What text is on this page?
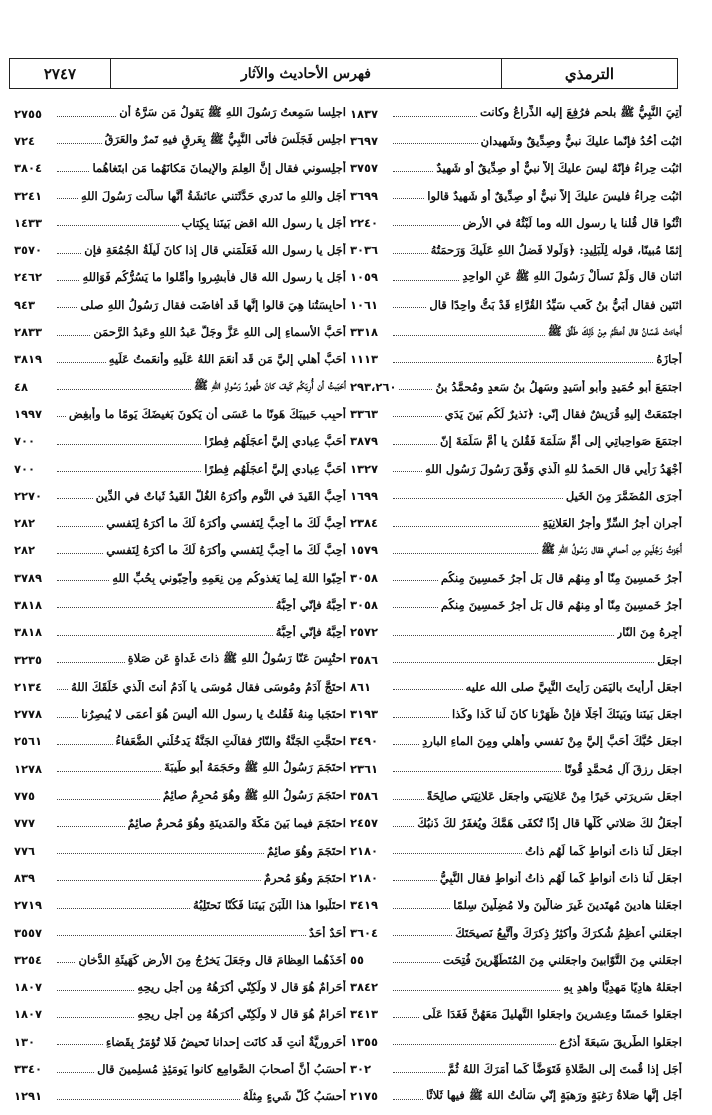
الترمذي
فهرس الأحاديث والآثار
٢٧٤٧
أُتِيَ النَّبِيُّ ﷺ بلحم فرُفِعَ إليه الذِّراعُ وكانت
١٨٣٧
اثبُت أُحُدُ فإنّما عليكَ نبيٌّ وصِدِّيقٌ وشَهيدانِ
٣٦٩٧
اثبُت حِراءُ فإنّهُ ليسَ عليكَ إلاّ نبيٌّ أو صِدِّيقٌ أو شَهيدٌ
٣٧٥٧
اثبُت حِراءُ فليسَ عليكَ إلاّ نبيٌّ أو صِدِّيقٌ أو شَهيدٌ قالوا
٣٦٩٩
اثْنُوا قال قُلنا يا رسول الله وما لَبْثُهُ في الأرضِ
٢٢٤٠
إثمًا مُبينًا، قوله لِلْبَلِيدِ: ﴿وَلَولا فَضلُ اللهِ عَلَيكَ وَرَحمَتُهُ
٣٠٣٦
اثنان قال وَلَمْ نَسأَلْ رَسُولَ اللهِ ﷺ عَنِ الواحِدِ
١٠٥٩
اثنَينِ فقال أُبَيُّ بنُ كَعبٍ سَيِّدُ القُرَّاءِ قَدْ بَتُّ واحِدًا قال
١٠٦١
أَجاءَتْ غَسّانُ قال أعظَمُ مِنْ ذَلِكَ طَلَّقَ ﷺ
٣٣١٨
أَجازَهُ
١١١٣
اجتمَعَ أبو حُمَيدٍ وأبو أُسَيدٍ وسَهلُ بنُ سَعدٍ ومُحمَّدُ بنُ
٢٩٣،٢٦٠
اجتَمَعَتْ إليهِ قُرَيشٌ فقال إنّي: ﴿نَذيرٌ لَكُم بَينَ يَدَي
٣٣٦٣
اجتمَعَ صَواحِباتِي إلى أُمِّ سَلَمَةَ فَقُلنَ يا أُمَّ سَلَمَةَ إنّ
٣٨٧٩
أَجْهَدُ رَأيي قال الحَمدُ للهِ الّذي وَفَّقَ رَسُولَ رَسُولِ اللهِ
١٣٢٧
أَجرَى المُضَمَّرَ مِنَ الخَيلِ
١٦٩٩
أجرانِ أجرُ السِّرِّ وأجرُ العَلانِيَةِ
٢٣٨٤
أَجَزتُ رَجُلَينِ مِن أحمائي فقال رَسُولُ اللهِ ﷺ
١٥٧٩
أَجرُ خَمسِينَ مِنّا أو مِنهُم قال بَل أَجرُ خَمسِينَ مِنكُم
٣٠٥٨
أَجرُ خَمسِينَ مِنّا أو مِنهُم قال بَل أَجرُ خَمسِينَ مِنكُم
٣٠٥٨
أَجِرهُ مِنَ النّارِ
٢٥٧٢
اجعَل
٣٥٨٦
اجعَل أرأيتَ باليَمَنِ رَأيتَ النَّبِيَّ صلى الله عليه
٨٦١
اجعَل بَينَنا وبَينَكَ أَجَلًا فإنْ ظَهَرْنا كانَ لَنا كَذا وكَذا
٣١٩٣
اجعَل حُبَّكَ أحَبَّ إليَّ مِنْ نَفسي وأهلي ومِنَ الماءِ البارِدِ
٣٤٩٠
اجعَل رِزقَ آلِ مُحمَّدٍ قُوتًا
٢٣٦١
اجعَل سَريرَتي خَيرًا مِنْ عَلانِيَتي واجعَل عَلانِيَتي صالِحَةً
٣٥٨٦
أَجعَلُ لكَ صَلاتي كُلَّها قال إذًا تُكفَى هَمَّكَ ويُغفَرُ لكَ ذَنبُكَ
٢٤٥٧
اجعَل لَنا ذاتَ أنواطٍ كَما لَهُم ذاتُ
٢١٨٠
اجعَل لَنا ذاتَ أنواطٍ كَما لَهُم ذاتُ أنواطٍ فقال النَّبِيُّ
٢١٨٠
اجعَلنا هادينَ مُهتَدينَ غَيرَ ضالّينَ ولا مُضِلّينَ سِلمًا
٣٤١٩
اجعَلني أُعظِمُ شُكرَكَ وأُكثِرُ ذِكرَكَ وأتَّبِعُ نَصيحَتَكَ
٣٦٠٤
اجعَلني مِنَ التَّوّابينَ واجعَلني مِنَ المُتَطَهِّرينَ فُتِحَت
٥٥
اجعَلهُ هادِيًا مَهدِيًّا واهدِ بِهِ
٣٨٤٢
اجعَلوا خَمسًا وعِشرينَ واجعَلوا التَّهليلَ مَعَهُنَّ فَغَدَا عَلَى
٣٤١٣
اجعَلوا الطَّريقَ سَبعَةَ أذرُعٍ
١٣٥٥
أجَل إذا قُمتَ إلى الصَّلاةِ فَتَوَضَّأ كَما أمَرَكَ اللهُ ثُمَّ
٣٠٢
أَجَل إنَّها صَلاةُ رَغبَةٍ ورَهبَةٍ إنّي سَألتُ اللهَ ﷺ فيها ثَلاثًا
٢١٧٥
اجلِسا سَمِعتُ رَسُولَ اللهِ ﷺ يَقولُ مَن سَرَّهُ أن
٢٧٥٥
اجلِس فَجَلَسَ فأتَى النَّبِيُّ ﷺ بِعَرقٍ فيهِ تَمرٌ والعَرَقُ
٧٢٤
أَجلِسوني فقال إنَّ العِلمَ والإيمانَ مَكانَهُما مَنِ ابتَغاهُما
٣٨٠٤
أجَل واللهِ ما تَدري حَدَّثَتني عائشَةُ أنَّها سألَت رَسُولَ اللهِ
٣٢٤١
أجَل يا رسول الله اقضِ بَينَنا بِكِتابٍ
١٤٣٣
أجَل يا رسول الله فَعَلَّمَني قال إذا كانَ لَيلَةُ الجُمُعَةِ فإن
٣٥٧٠
أجَل يا رسول الله قال فأَبشِروا وأمِّلوا ما يَسُرُّكُم فَوَاللهِ
٢٤٦٢
أحابِسَتُنا هِيَ قالوا إنَّها قَد أفاضَت فقال رَسُولُ اللهِ صلى
٩٤٣
أحَبُّ الأسماءِ إلى اللهِ عَزَّ وجَلَّ عَبدُ اللهِ وعَبدُ الرَّحمَنِ
٢٨٣٣
أحَبُّ أهلي إليَّ مَن قَد أنعَمَ اللهُ عَلَيهِ وأنعَمتُ عَلَيهِ
٣٨١٩
أحَبَبتُ أن أُرِيَكُم كَيفَ كانَ طُهورُ رَسُولِ اللهِ ﷺ
٤٨
أحبِب حَبيبَكَ هَونًا ما عَسَى أن يَكونَ بَغيضَكَ يَومًا ما وأبغِض
١٩٩٧
أحَبُّ عِبادي إليَّ أعجَلُهُم فِطرًا
٧٠٠
أحَبُّ عِبادي إليَّ أعجَلُهُم فِطرًا
٧٠٠
أُحِبُّ القَيدَ في النَّومِ وأكرَهُ الغُلَّ القَيدُ ثَباتٌ في الدِّينِ
٢٢٧٠
أُحِبُّ لَكَ ما أُحِبُّ لِنَفسي وأكرَهُ لَكَ ما أكرَهُ لِنَفسي
٢٨٢
أُحِبُّ لَكَ ما أُحِبُّ لِنَفسي وأكرَهُ لَكَ ما أكرَهُ لِنَفسي
٢٨٢
أحِبّوا اللهَ لِما يَغذوكُم مِن نِعَمِهِ وأحِبّوني بِحُبِّ اللهِ
٣٧٨٩
أحِبَّهُ فإنّي أُحِبُّهُ
٣٨١٨
أحِبَّهُ فإنّي أُحِبُّهُ
٣٨١٨
احتُبِسَ عَنّا رَسُولُ اللهِ ﷺ ذاتَ غَداةٍ عَن صَلاةِ
٣٢٣٥
احتَجَّ آدَمُ ومُوسَى فقال مُوسَى يا آدَمُ أنتَ الّذي خَلَقَكَ اللهُ
٢١٣٤
احتَجَبا مِنهُ فَقُلتُ يا رسول الله أليسَ هُوَ أعمَى لا يُبصِرُنا
٢٧٧٨
احتَجَّتِ الجَنَّةُ والنّارُ فقالَتِ الجَنَّةُ يَدخُلُني الضُّعَفاءُ
٢٥٦١
احتَجَمَ رَسُولُ اللهِ ﷺ وحَجَمَهُ أبو طَيبَةَ
١٢٧٨
احتَجَمَ رَسُولُ اللهِ ﷺ وهُوَ مُحرِمٌ صائِمٌ
٧٧٥
احتَجَمَ فيما بَينَ مَكَّةَ والمَدينَةِ وهُوَ مُحرِمٌ صائِمٌ
٧٧٧
احتَجَمَ وهُوَ صائِمٌ
٧٧٦
احتَجَمَ وهُوَ مُحرِمٌ
٨٣٩
احتَلَبوا هذا اللَّبَنَ بَينَنا فَكُنّا نَحتَلِبُهُ
٢٧١٩
أحَدٌ أحَدٌ
٣٥٥٧
أخَذَهُما العِظامَ قال وجَعَلَ يَخرُجُ مِنَ الأرضِ كَهَيئَةِ الدُّخانِ
٣٢٥٤
أحَرامٌ هُوَ قال لا ولَكِنّي أكرَهُهُ مِن أجلِ ريحِهِ
١٨٠٧
أحَرامٌ هُوَ قال لا ولَكِنّي أكرَهُهُ مِن أجلِ ريحِهِ
١٨٠٧
أحَرورِيَّةٌ أنتِ قَد كانَت إحدانا تَحيضُ فَلا تُؤمَرُ بِقَضاءِ
١٣٠
أحسَبُ أنَّ أصحابَ الصَّوامِعِ كانوا يَومَئِذٍ مُسلِمينَ قال
٣٣٤٠
أحسَبُ كُلَّ شَيءٍ مِثلَهُ
١٢٩١
